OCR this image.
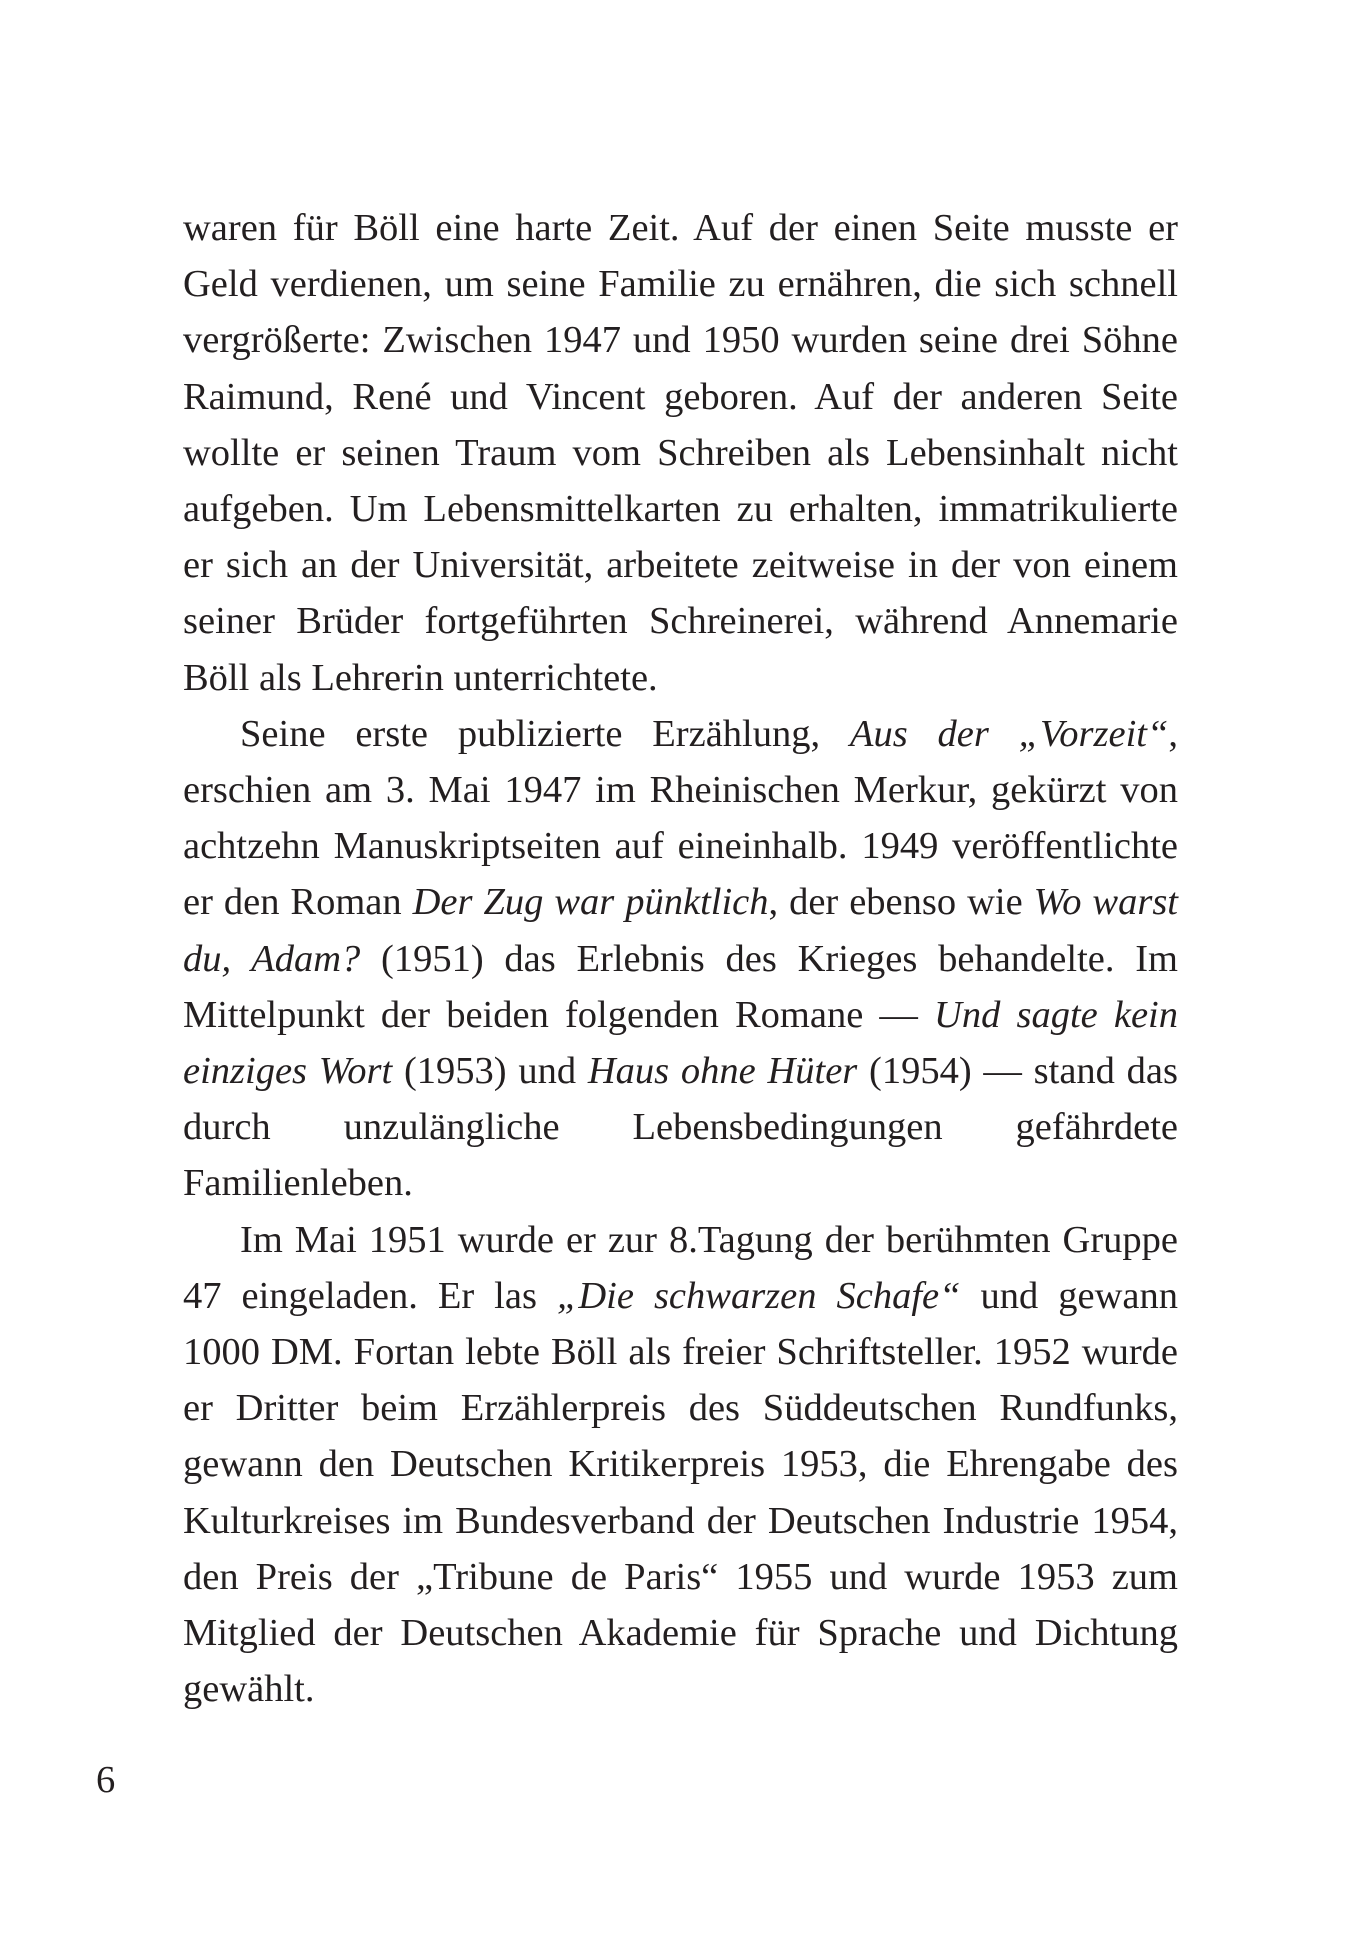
waren für Böll eine harte Zeit. Auf der einen Seite musste er Geld verdienen, um seine Familie zu ernähren, die sich schnell vergrößerte: Zwischen 1947 und 1950 wurden seine drei Söhne Raimund, René und Vincent geboren. Auf der anderen Seite wollte er seinen Traum vom Schreiben als Lebensinhalt nicht aufgeben. Um Lebensmittelkarten zu erhalten, immatrikulierte er sich an der Universität, arbeitete zeitweise in der von einem seiner Brüder fortgeführten Schreinerei, während Annemarie Böll als Lehrerin unterrichtete.

Seine erste publizierte Erzählung, Aus der „Vorzeit“, erschien am 3. Mai 1947 im Rheinischen Merkur, gekürzt von achtzehn Manuskriptseiten auf eineinhalb. 1949 veröffentlichte er den Roman Der Zug war pünktlich, der ebenso wie Wo warst du, Adam? (1951) das Erlebnis des Krieges behandelte. Im Mittelpunkt der beiden folgenden Romane — Und sagte kein einziges Wort (1953) und Haus ohne Hüter (1954) — stand das durch unzulängliche Lebensbedingungen gefährdete Familienleben.

Im Mai 1951 wurde er zur 8.Tagung der berühmten Gruppe 47 eingeladen. Er las „Die schwarzen Schafe“ und gewann 1000 DM. Fortan lebte Böll als freier Schriftsteller. 1952 wurde er Dritter beim Erzählerpreis des Süddeutschen Rundfunks, gewann den Deutschen Kritikerpreis 1953, die Ehrengabe des Kulturkreises im Bundesverband der Deutschen Industrie 1954, den Preis der „Tribune de Paris“ 1955 und wurde 1953 zum Mitglied der Deutschen Akademie für Sprache und Dichtung gewählt.

6
